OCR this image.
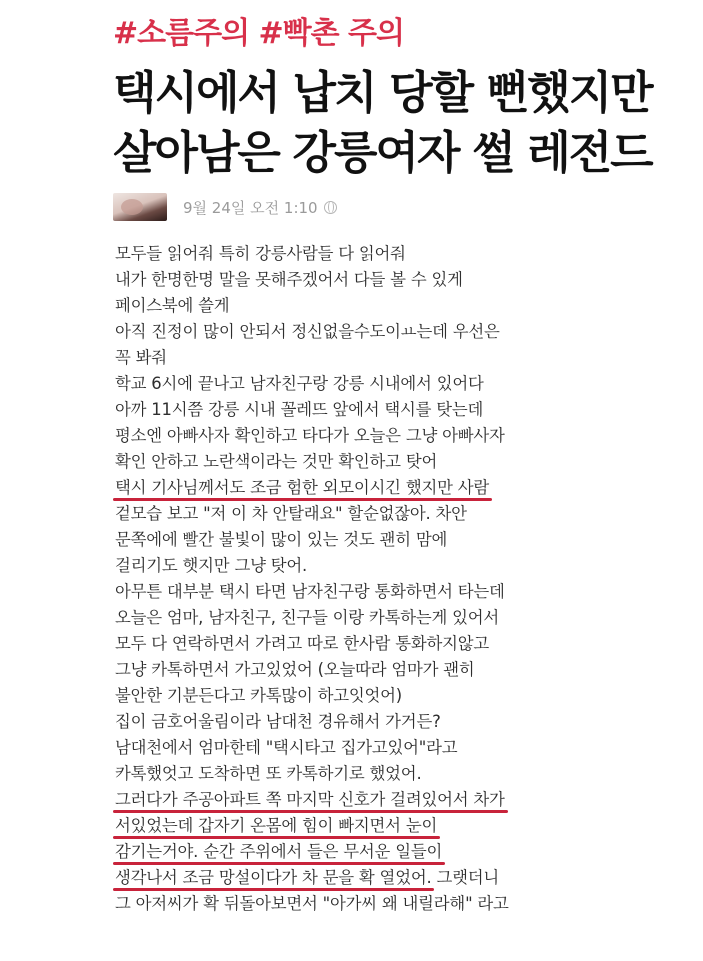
#소름주의 #빡촌 주의
택시에서 납치 당할 뻔했지만
살아남은 강릉여자 썰 레전드
9월 24일 오전 1:10
모두들 읽어줘 특히 강릉사람들 다 읽어줘
내가 한명한명 말을 못해주겠어서 다들 볼 수 있게
페이스북에 쓸게
아직 진정이 많이 안되서 정신없을수도이ㅛ는데 우선은
꼭 봐줘
학교 6시에 끝나고 남자친구랑 강릉 시내에서 있어다
아까 11시쯤 강릉 시내 꼴레뜨 앞에서 택시를 탓는데
평소엔 아빠사자 확인하고 타다가 오늘은 그냥 아빠사자
확인 안하고 노란색이라는 것만 확인하고 탓어
택시 기사님께서도 조금 험한 외모이시긴 했지만 사람
겉모습 보고 "저 이 차 안탈래요" 할순없잖아. 차안
문쪽에에 빨간 불빛이 많이 있는 것도 괜히 맘에
걸리기도 햇지만 그냥 탓어.
아무튼 대부분 택시 타면 남자친구랑 통화하면서 타는데
오늘은 엄마, 남자친구, 친구들 이랑 카톡하는게 있어서
모두 다 연락하면서 가려고 따로 한사람 통화하지않고
그냥 카톡하면서 가고있었어 (오늘따라 엄마가 괜히
불안한 기분든다고 카톡많이 하고잇엇어)
집이 금호어울림이라 남대천 경유해서 가거든?
남대천에서 엄마한테 "택시타고 집가고있어"라고
카톡했엇고 도착하면 또 카톡하기로 했었어.
그러다가 주공아파트 쪽 마지막 신호가 걸려있어서 차가
서있었는데 갑자기 온몸에 힘이 빠지면서 눈이
감기는거야. 순간 주위에서 들은 무서운 일들이
생각나서 조금 망설이다가 차 문을 확 열었어. 그랫더니
그 아저씨가 확 뒤돌아보면서 "아가씨 왜 내릴라해" 라고
